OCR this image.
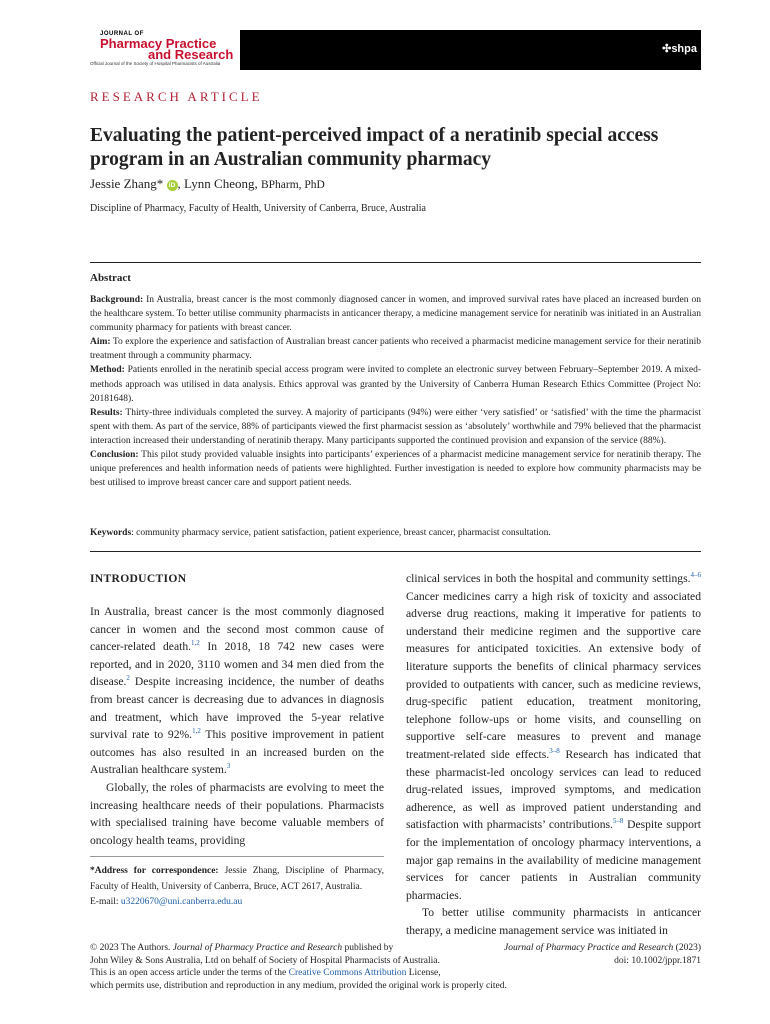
JOURNAL OF
Pharmacy Practice
and Research
Official Journal of the Society of Hospital Pharmacists of Australia
✣shpa
RESEARCH ARTICLE
Evaluating the patient-perceived impact of a neratinib special access program in an Australian community pharmacy
Jessie Zhang* iD , Lynn Cheong, BPharm, PhD
Discipline of Pharmacy, Faculty of Health, University of Canberra, Bruce, Australia
Abstract

Background: In Australia, breast cancer is the most commonly diagnosed cancer in women, and improved survival rates have placed an increased burden on the healthcare system. To better utilise community pharmacists in anticancer therapy, a medicine management service for neratinib was initiated in an Australian community pharmacy for patients with breast cancer.

Aim: To explore the experience and satisfaction of Australian breast cancer patients who received a pharmacist medicine management service for their neratinib treatment through a community pharmacy.

Method: Patients enrolled in the neratinib special access program were invited to complete an electronic survey between February–September 2019. A mixed-methods approach was utilised in data analysis. Ethics approval was granted by the University of Canberra Human Research Ethics Committee (Project No: 20181648).

Results: Thirty-three individuals completed the survey. A majority of participants (94%) were either ‘very satisfied’ or ‘satisfied’ with the time the pharmacist spent with them. As part of the service, 88% of participants viewed the first pharmacist session as ‘absolutely’ worthwhile and 79% believed that the pharmacist interaction increased their understanding of neratinib therapy. Many participants supported the continued provision and expansion of the service (88%).

Conclusion: This pilot study provided valuable insights into participants’ experiences of a pharmacist medicine management service for neratinib therapy. The unique preferences and health information needs of patients were highlighted. Further investigation is needed to explore how community pharmacists may be best utilised to improve breast cancer care and support patient needs.

Keywords: community pharmacy service, patient satisfaction, patient experience, breast cancer, pharmacist consultation.
INTRODUCTION

In Australia, breast cancer is the most commonly diagnosed cancer in women and the second most common cause of cancer-related death.$^{1,2}$ In 2018, 18 742 new cases were reported, and in 2020, 3110 women and 34 men died from the disease.$^2$ Despite increasing incidence, the number of deaths from breast cancer is decreasing due to advances in diagnosis and treatment, which have improved the 5-year relative survival rate to 92%.$^{1,2}$ This positive improvement in patient outcomes has also resulted in an increased burden on the Australian healthcare system.$^3$

Globally, the roles of pharmacists are evolving to meet the increasing healthcare needs of their populations. Pharmacists with specialised training have become valuable members of oncology health teams, providing

clinical services in both the hospital and community settings.$^{4-6}$ Cancer medicines carry a high risk of toxicity and associated adverse drug reactions, making it imperative for patients to understand their medicine regimen and the supportive care measures for anticipated toxicities. An extensive body of literature supports the benefits of clinical pharmacy services provided to outpatients with cancer, such as medicine reviews, drug-specific patient education, treatment monitoring, telephone follow-ups or home visits, and counselling on supportive self-care measures to prevent and manage treatment-related side effects.$^{3-8}$ Research has indicated that these pharmacist-led oncology services can lead to reduced drug-related issues, improved symptoms, and medication adherence, as well as improved patient understanding and satisfaction with pharmacists’ contributions.$^{5-8}$ Despite support for the implementation of oncology pharmacy interventions, a major gap remains in the availability of medicine management services for cancer patients in Australian community pharmacies.

To better utilise community pharmacists in anticancer therapy, a medicine management service was initiated in

*Address for correspondence: Jessie Zhang, Discipline of Pharmacy, Faculty of Health, University of Canberra, Bruce, ACT 2617, Australia.
E-mail: u3220670@uni.canberra.edu.au
© 2023 The Authors. Journal of Pharmacy Practice and Research published by
John Wiley & Sons Australia, Ltd on behalf of Society of Hospital Pharmacists of Australia.
This is an open access article under the terms of the Creative Commons Attribution License,
which permits use, distribution and reproduction in any medium, provided the original work is properly cited.
Journal of Pharmacy Practice and Research (2023)
doi: 10.1002/jppr.1871
